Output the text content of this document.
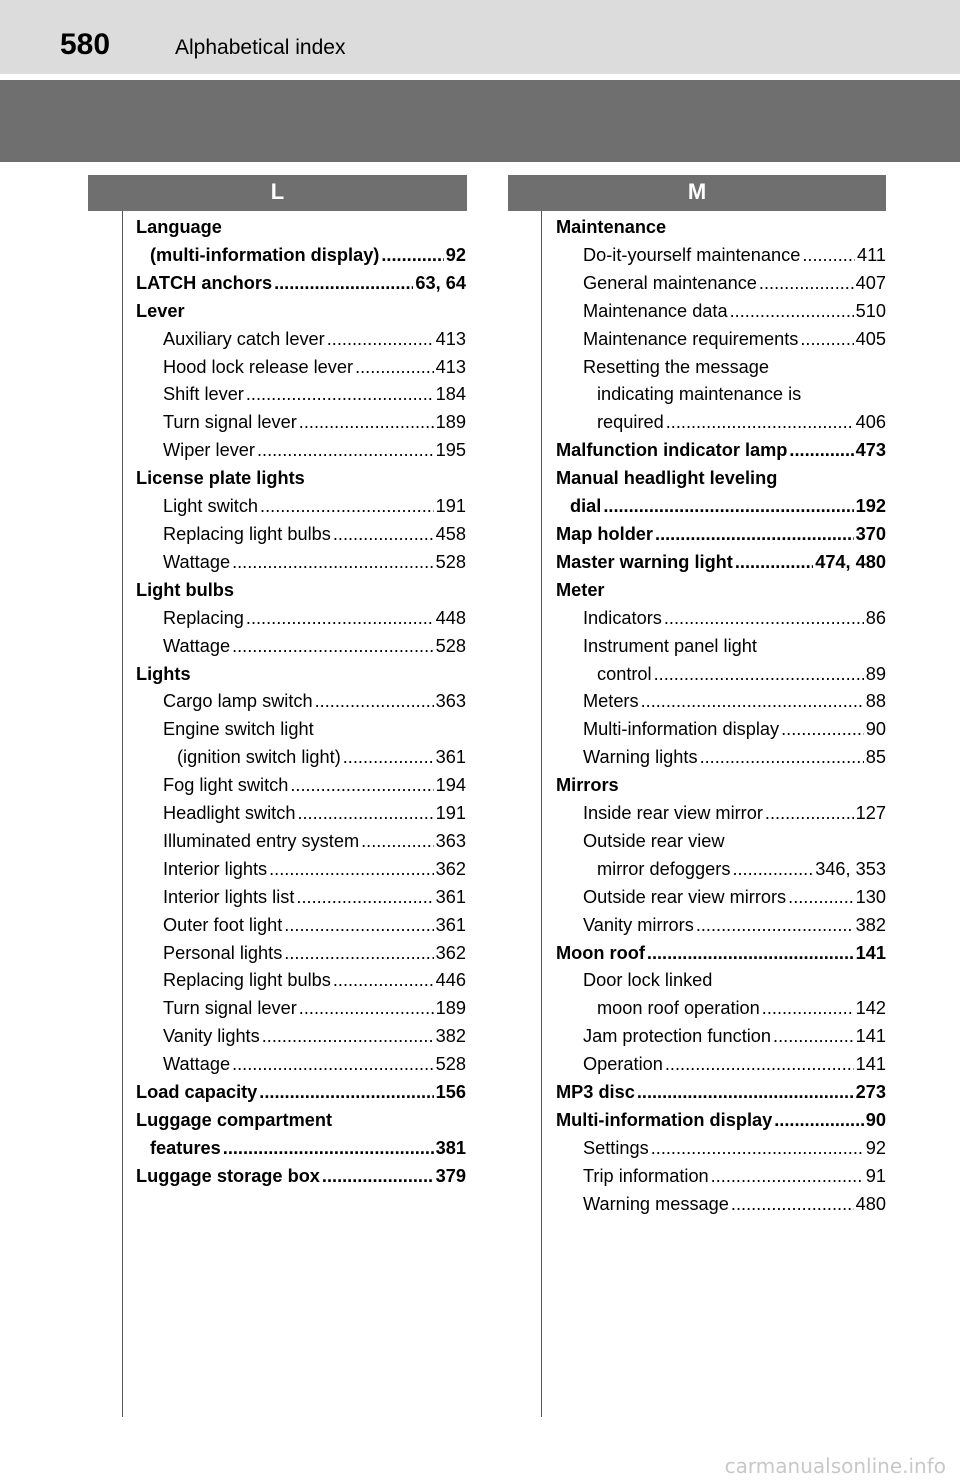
580	Alphabetical index
L	M
Language
(multi-information display) .....	92
LATCH anchors .....	63, 64
Lever
Auxiliary catch lever .....	413
Hood lock release lever .....	413
Shift lever .....	184
Turn signal lever .....	189
Wiper lever .....	195
License plate lights
Light switch .....	191
Replacing light bulbs .....	458
Wattage .....	528
Light bulbs
Replacing .....	448
Wattage .....	528
Lights
Cargo lamp switch .....	363
Engine switch light
(ignition switch light) .....	361
Fog light switch .....	194
Headlight switch .....	191
Illuminated entry system .....	363
Interior lights .....	362
Interior lights list .....	361
Outer foot light .....	361
Personal lights .....	362
Replacing light bulbs .....	446
Turn signal lever .....	189
Vanity lights .....	382
Wattage .....	528
Load capacity .....	156
Luggage compartment
features .....	381
Luggage storage box .....	379
Maintenance
Do-it-yourself maintenance .....	411
General maintenance .....	407
Maintenance data .....	510
Maintenance requirements .....	405
Resetting the message
indicating maintenance is
required .....	406
Malfunction indicator lamp .....	473
Manual headlight leveling
dial .....	192
Map holder .....	370
Master warning light .....	474, 480
Meter
Indicators .....	86
Instrument panel light
control .....	89
Meters .....	88
Multi-information display .....	90
Warning lights .....	85
Mirrors
Inside rear view mirror .....	127
Outside rear view
mirror defoggers .....	346, 353
Outside rear view mirrors .....	130
Vanity mirrors .....	382
Moon roof .....	141
Door lock linked
moon roof operation .....	142
Jam protection function .....	141
Operation .....	141
MP3 disc .....	273
Multi-information display .....	90
Settings .....	92
Trip information .....	91
Warning message .....	480
carmanualsonline.info
